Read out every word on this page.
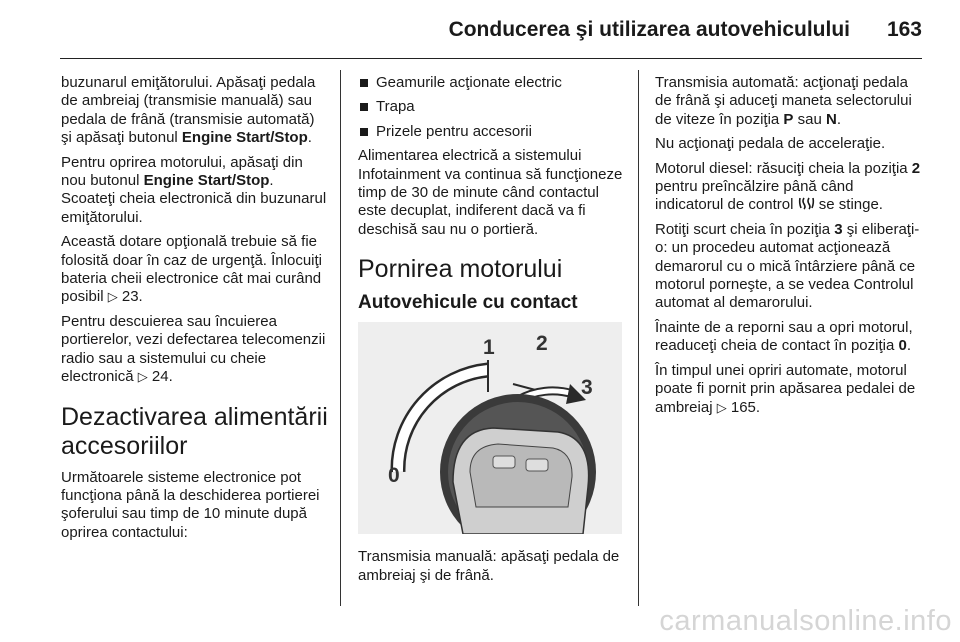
Conducerea şi utilizarea autovehiculului 163

buzunarul emiţătorului. Apăsaţi pedala de ambreiaj (transmisie manuală) sau pedala de frână (transmisie automată) şi apăsaţi butonul Engine Start/Stop.

Pentru oprirea motorului, apăsaţi din nou butonul Engine Start/Stop. Scoateţi cheia electronică din buzunarul emiţătorului.

Această dotare opţională trebuie să fie folosită doar în caz de urgenţă. Înlocuiţi bateria cheii electronice cât mai curând posibil ▷ 23.

Pentru descuierea sau încuierea portierelor, vezi defectarea telecomenzii radio sau a sistemului cu cheie electronică ▷ 24.

Dezactivarea alimentării accesoriilor

Următoarele sisteme electronice pot funcţiona până la deschiderea portierei şoferului sau timp de 10 minute după oprirea contactului:

Geamurile acţionate electric
Trapa
Prizele pentru accesorii

Alimentarea electrică a sistemului Infotainment va continua să funcţioneze timp de 30 de minute când contactul este decuplat, indiferent dacă va fi deschisă sau nu o portieră.

Pornirea motorului
Autovehicule cu contact
0
1 2
3

Transmisia manuală: apăsaţi pedala de ambreiaj şi de frână.

Transmisia automată: acţionaţi pedala de frână şi aduceţi maneta selectorului de viteze în poziţia P sau N.

Nu acţionaţi pedala de acceleraţie.

Motorul diesel: răsuciţi cheia la poziţia 2 pentru preîncălzire până când indicatorul de control  se stinge.

Rotiţi scurt cheia în poziţia 3 şi eliberaţi-o: un procedeu automat acţionează demarorul cu o mică întârziere până ce motorul porneşte, a se vedea Controlul automat al demarorului.

Înainte de a reporni sau a opri motorul, readuceţi cheia de contact în poziţia 0.

În timpul unei opriri automate, motorul poate fi pornit prin apăsarea pedalei de ambreiaj ▷ 165.

carmanualsonline.info
